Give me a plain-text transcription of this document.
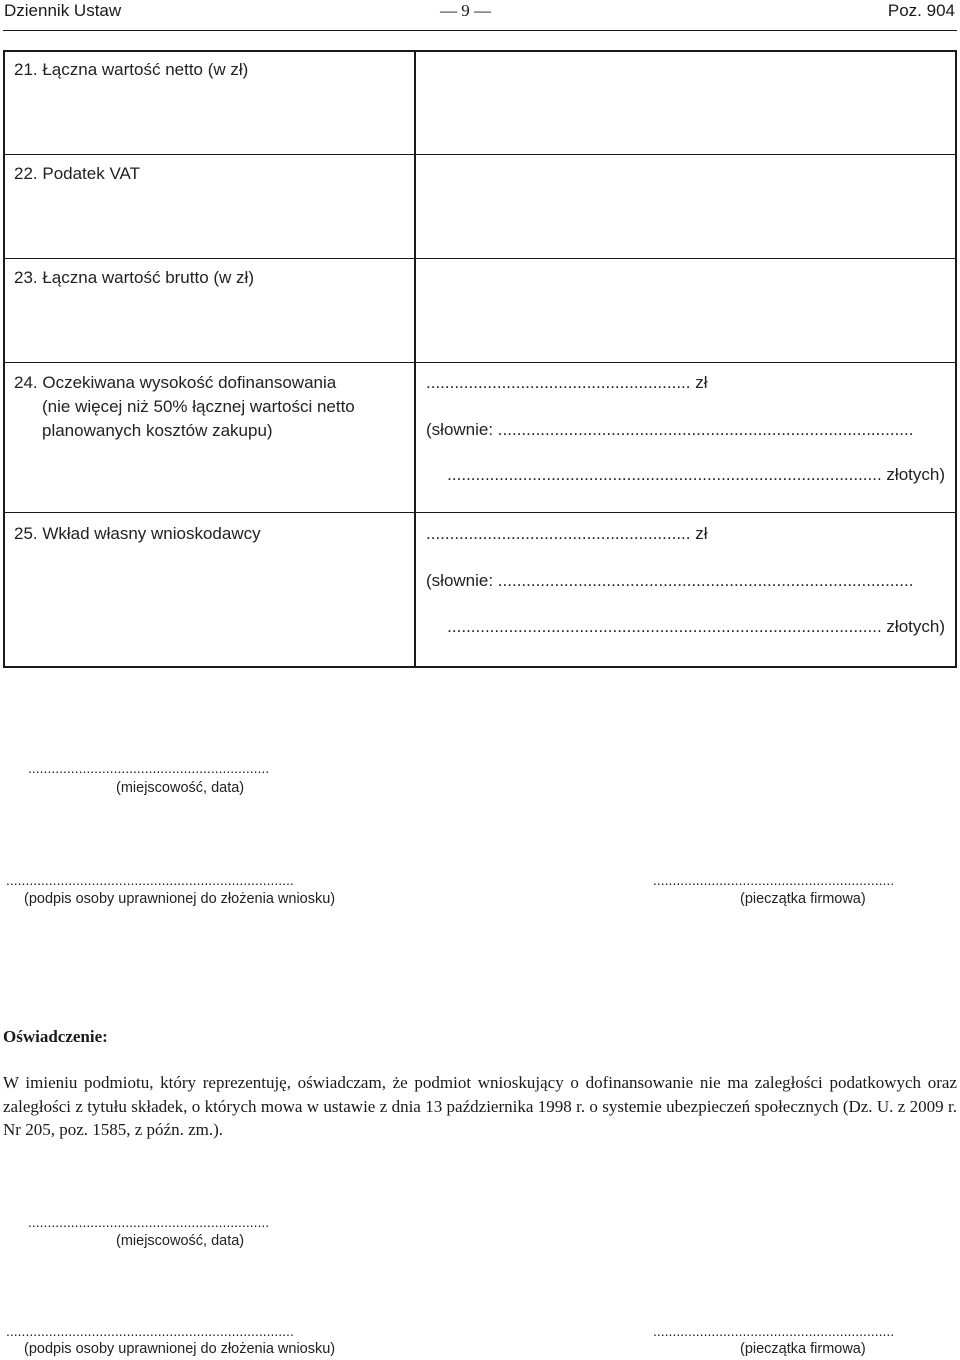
Dziennik Ustaw	— 9 —	Poz. 904
21. Łączna wartość netto (w zł)
22. Podatek VAT
23. Łączna wartość brutto (w zł)
24. Oczekiwana wysokość dofinansowania
(nie więcej niż 50% łącznej wartości netto
planowanych kosztów zakupu)
........................................................ zł
(słownie: ........................................................................................
............................................................................................ złotych)
25. Wkład własny wnioskodawcy	........................................................ zł
(słownie: ........................................................................................
............................................................................................ złotych)
..............................................................
(miejscowość, data)
..........................................................................
(podpis osoby uprawnionej do złożenia wniosku)
..............................................................
(pieczątka firmowa)
Oświadczenie:
W imieniu podmiotu, który reprezentuję, oświadczam, że podmiot wnioskujący o dofinansowanie nie ma zaległości podatkowych oraz zaległości z tytułu składek, o których mowa w ustawie z dnia 13 października 1998 r. o systemie ubezpieczeń społecznych (Dz. U. z 2009 r. Nr 205, poz. 1585, z późn. zm.).
..............................................................
(miejscowość, data)
..........................................................................
(podpis osoby uprawnionej do złożenia wniosku)
..............................................................
(pieczątka firmowa)
